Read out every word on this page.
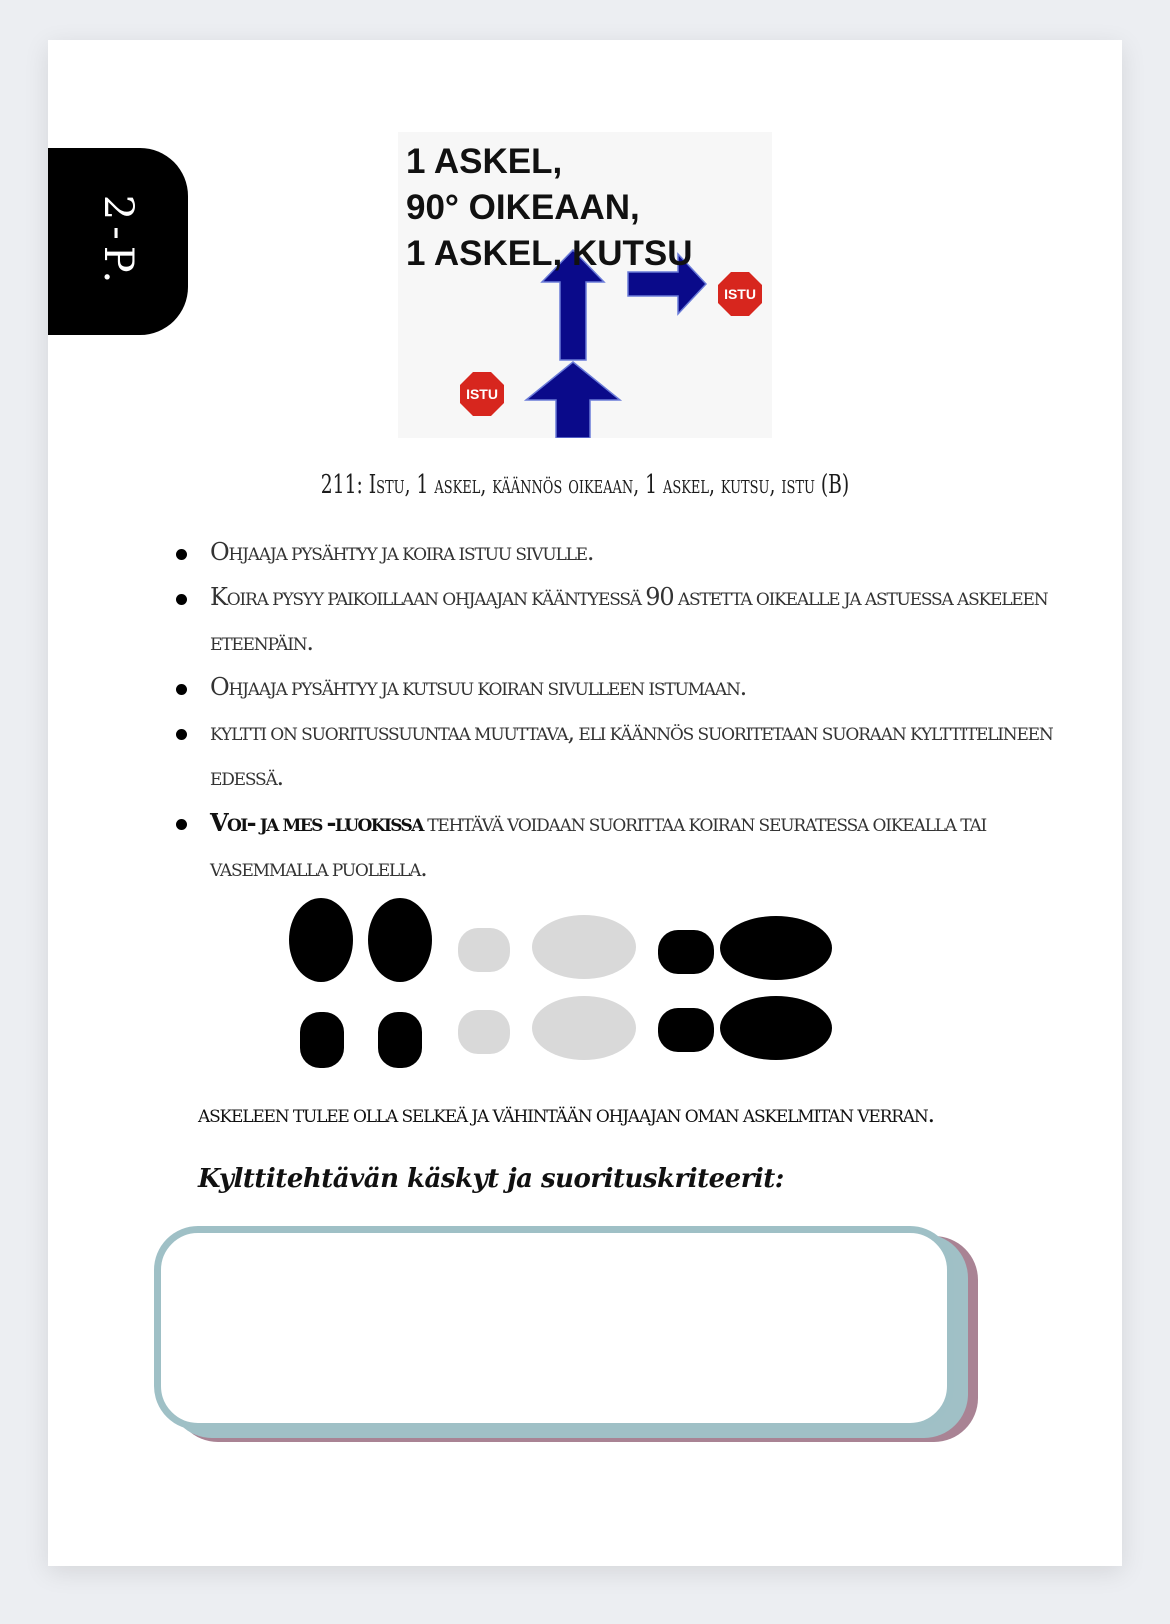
2-P.
ISTU
ISTU
1 ASKEL,
90° OIKEAAN,
1 ASKEL, KUTSU
211: Istu, 1 askel, käännös oikeaan, 1 askel, kutsu, istu (B)
Ohjaaja pysähtyy ja koira istuu sivulle.
Koira pysyy paikoillaan ohjaajan kääntyessä 90 astetta oikealle ja astuessa askeleen eteenpäin.
Ohjaaja pysähtyy ja kutsuu koiran sivulleen istumaan.
kyltti on suoritussuuntaa muuttava, eli käännös suoritetaan suoraan kylttitelineen edessä.
Voi- ja mes -luokissa tehtävä voidaan suorittaa koiran seuratessa oikealla tai vasemmalla puolella.
askeleen tulee olla selkeä ja vähintään ohjaajan oman askelmitan verran.
Kylttitehtävän käskyt ja suorituskriteerit:
